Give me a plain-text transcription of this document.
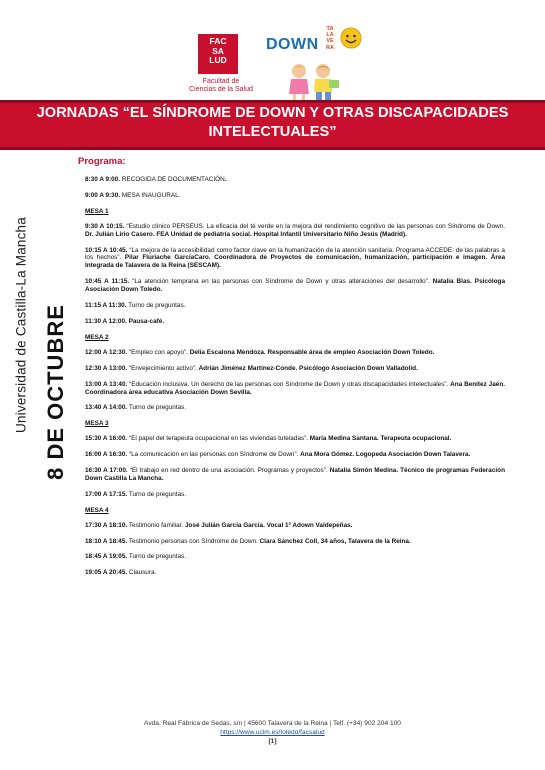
FAC
SA
LUD
Facultad de
Ciencias de la Salud
DOWN
TA
LA
VE
RA
JORNADAS “EL SÍNDROME DE DOWN Y OTRAS DISCAPACIDADES INTELECTUALES”
Universidad de Castilla-La Mancha 8 DE OCTUBRE
Programa:

8:30 A 9:00. RECOGIDA DE DOCUMENTACIÓN.

9:00 A 9:30. MESA INAUGURAL.

MESA 1

9:30 A 10:15. “Estudio clínico PERSEUS. La eficacia del té verde en la mejora del rendimiento cognitivo de las personas con Síndrome de Down. Dr. Julián Lirio Casero. FEA Unidad de pediatría social. Hospital Infantil Universitario Niño Jesús (Madrid).

10:15 A 10:45. “La mejora de la accesibilidad como factor clave en la humanización de la atención sanitaria. Programa ACCEDE: de las palabras a los hechos”. Pilar Fluriache GarcíaCaro. Coordinadora de Proyectos de comunicación, humanización, participación e imagen. Área Integrada de Talavera de la Reina (SESCAM).

10:45 A 11:15. “La atención temprana en las personas con Síndrome de Down y otras alteraciones del desarrollo”. Natalia Blas. Psicóloga Asociación Down Toledo.

11:15 A 11:30. Turno de preguntas.

11:30 A 12:00. Pausa-café.

MESA 2

12:00 A 12:30. “Empleo con apoyo”. Delia Escalona Mendoza. Responsable área de empleo Asociación Down Toledo.

12:30 A 13:00. “Envejecimiento activo”. Adrián Jiménez Martínez-Conde. Psicólogo Asociación Down Valladolid.

13:00 A 13:40. “Educación inclusiva. Un derecho de las personas con Síndrome de Down y otras discapacidades intelectuales”. Ana Benítez Jaén. Coordinadora área educativa Asociación Down Sevilla.

13:40 A 14:00. Turno de preguntas.

MESA 3

15:30 A 16:00. “El papel del terapeuta ocupacional en las viviendas tuteladas”. María Medina Santana. Terapeuta ocupacional.

16:00 A 16:30. “La comunicación en las personas con Síndrome de Down”. Ana Mora Gómez. Logopeda Asociación Down Talavera.

16:30 A 17:00. “El trabajo en red dentro de una asociación. Programas y proyectos”. Natalia Simón Medina. Técnico de programas Federación Down Castilla La Mancha.

17:00 A 17:15. Turno de preguntas.

MESA 4

17:30 A 18:10. Testimonio familiar. José Julián García García. Vocal 1º Adown Valdepeñas.

18:10 A 18:45. Testimonio personas con Síndrome de Down. Clara Sánchez Coll, 34 años, Talavera de la Reina.

18:45 A 19:05. Turno de preguntas.

19:05 A 20:45. Clausura.

Avda. Real Fábrica de Sedas, s/n | 45600 Talavera de la Reina | Telf. (+34) 902 204 100
https://www.uclm.es/toledo/facsalud
[1]
